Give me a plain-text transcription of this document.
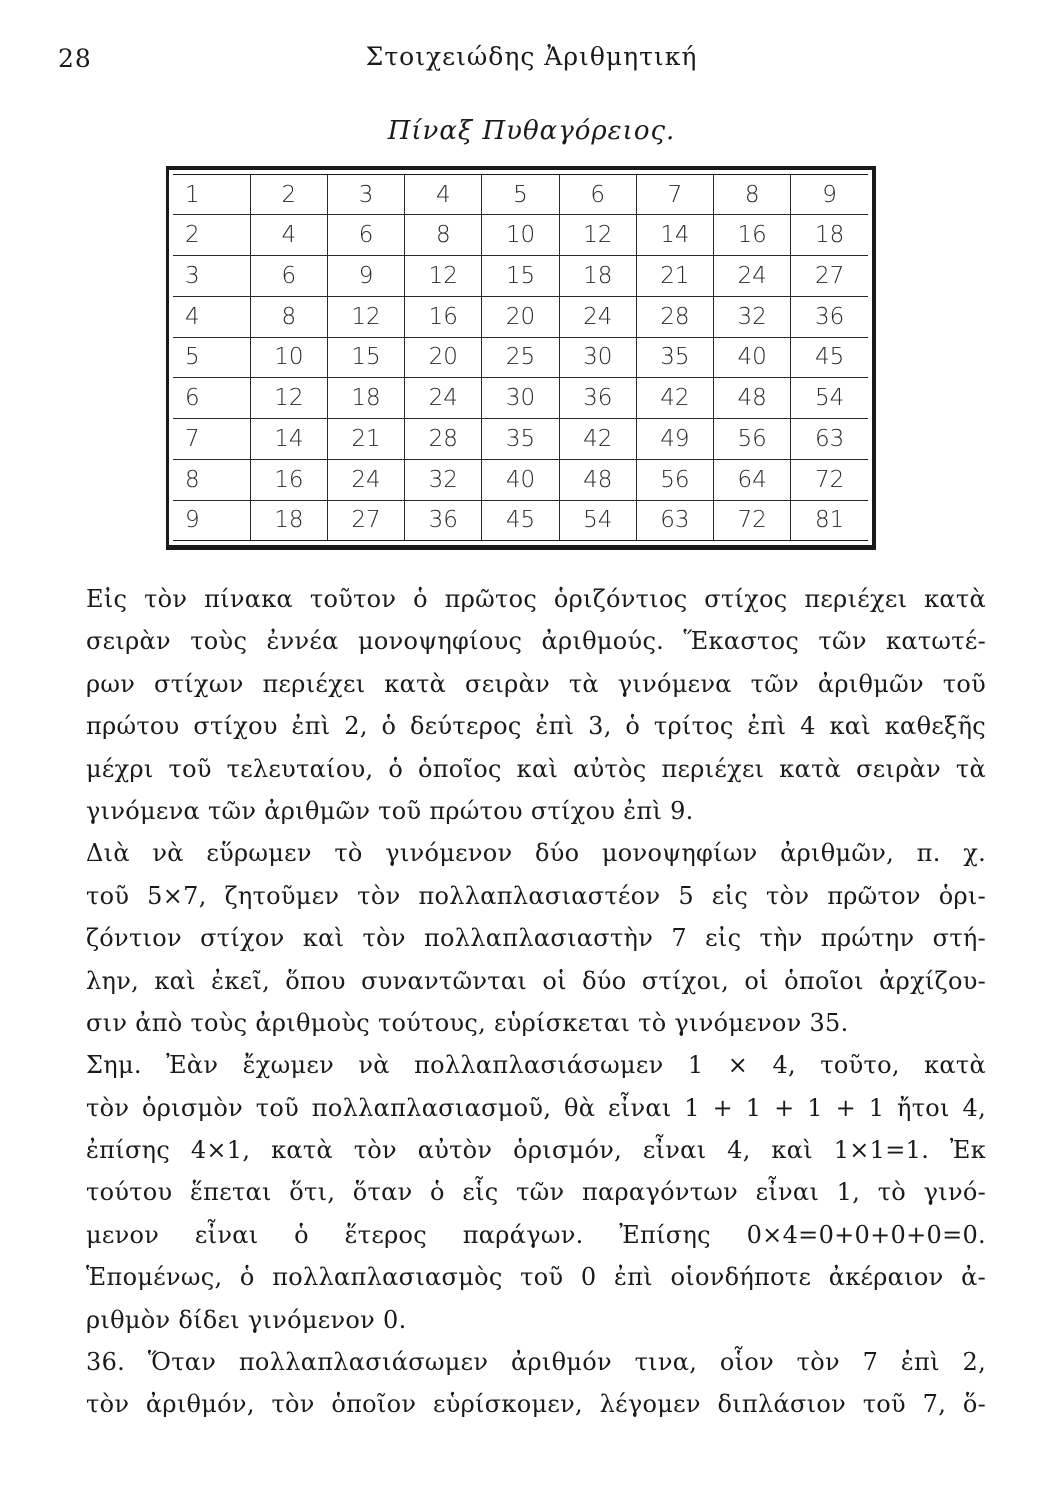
28	Στοιχειώδης Ἀριθμητική
Πίναξ Πυθαγόρειος.
1	2	3	4	5	6	7	8	9
2	4	6	8	10	12	14	16	18
3	6	9	12	15	18	21	24	27
4	8	12	16	20	24	28	32	36
5	10	15	20	25	30	35	40	45
6	12	18	24	30	36	42	48	54
7	14	21	28	35	42	49	56	63
8	16	24	32	40	48	56	64	72
9	18	27	36	45	54	63	72	81
Εἰς τὸν πίνακα τοῦτον ὁ πρῶτος ὁριζόντιος στίχος περιέχει κατὰ
σειρὰν τοὺς ἐννέα μονοψηφίους ἀριθμούς. Ἕκαστος τῶν κατωτέ-
ρων στίχων περιέχει κατὰ σειρὰν τὰ γινόμενα τῶν ἀριθμῶν τοῦ
πρώτου στίχου ἐπὶ 2, ὁ δεύτερος ἐπὶ 3, ὁ τρίτος ἐπὶ 4 καὶ καθεξῆς
μέχρι τοῦ τελευταίου, ὁ ὁποῖος καὶ αὐτὸς περιέχει κατὰ σειρὰν τὰ
γινόμενα τῶν ἀριθμῶν τοῦ πρώτου στίχου ἐπὶ 9.
Διὰ νὰ εὕρωμεν τὸ γινόμενον δύο μονοψηφίων ἀριθμῶν, π. χ.
τοῦ 5×7, ζητοῦμεν τὸν πολλαπλασιαστέον 5 εἰς τὸν πρῶτον ὁρι-
ζόντιον στίχον καὶ τὸν πολλαπλασιαστὴν 7 εἰς τὴν πρώτην στή-
λην, καὶ ἐκεῖ, ὅπου συναντῶνται οἱ δύο στίχοι, οἱ ὁποῖοι ἀρχίζου-
σιν ἀπὸ τοὺς ἀριθμοὺς τούτους, εὑρίσκεται τὸ γινόμενον 35.
Σημ. Ἐὰν ἔχωμεν νὰ πολλαπλασιάσωμεν 1 × 4, τοῦτο, κατὰ
τὸν ὁρισμὸν τοῦ πολλαπλασιασμοῦ, θὰ εἶναι 1 + 1 + 1 + 1 ἤτοι 4,
ἐπίσης 4×1, κατὰ τὸν αὐτὸν ὁρισμόν, εἶναι 4, καὶ 1×1=1. Ἐκ
τούτου ἕπεται ὅτι, ὅταν ὁ εἷς τῶν παραγόντων εἶναι 1, τὸ γινό-
μενον εἶναι ὁ ἕτερος παράγων. Ἐπίσης 0×4=0+0+0+0=0.
Ἑπομένως, ὁ πολλαπλασιασμὸς τοῦ 0 ἐπὶ οἱονδήποτε ἀκέραιον ἀ-
ριθμὸν δίδει γινόμενον 0.
36. Ὅταν πολλαπλασιάσωμεν ἀριθμόν τινα, οἷον τὸν 7 ἐπὶ 2,
τὸν ἀριθμόν, τὸν ὁποῖον εὑρίσκομεν, λέγομεν διπλάσιον τοῦ 7, ὅ-
